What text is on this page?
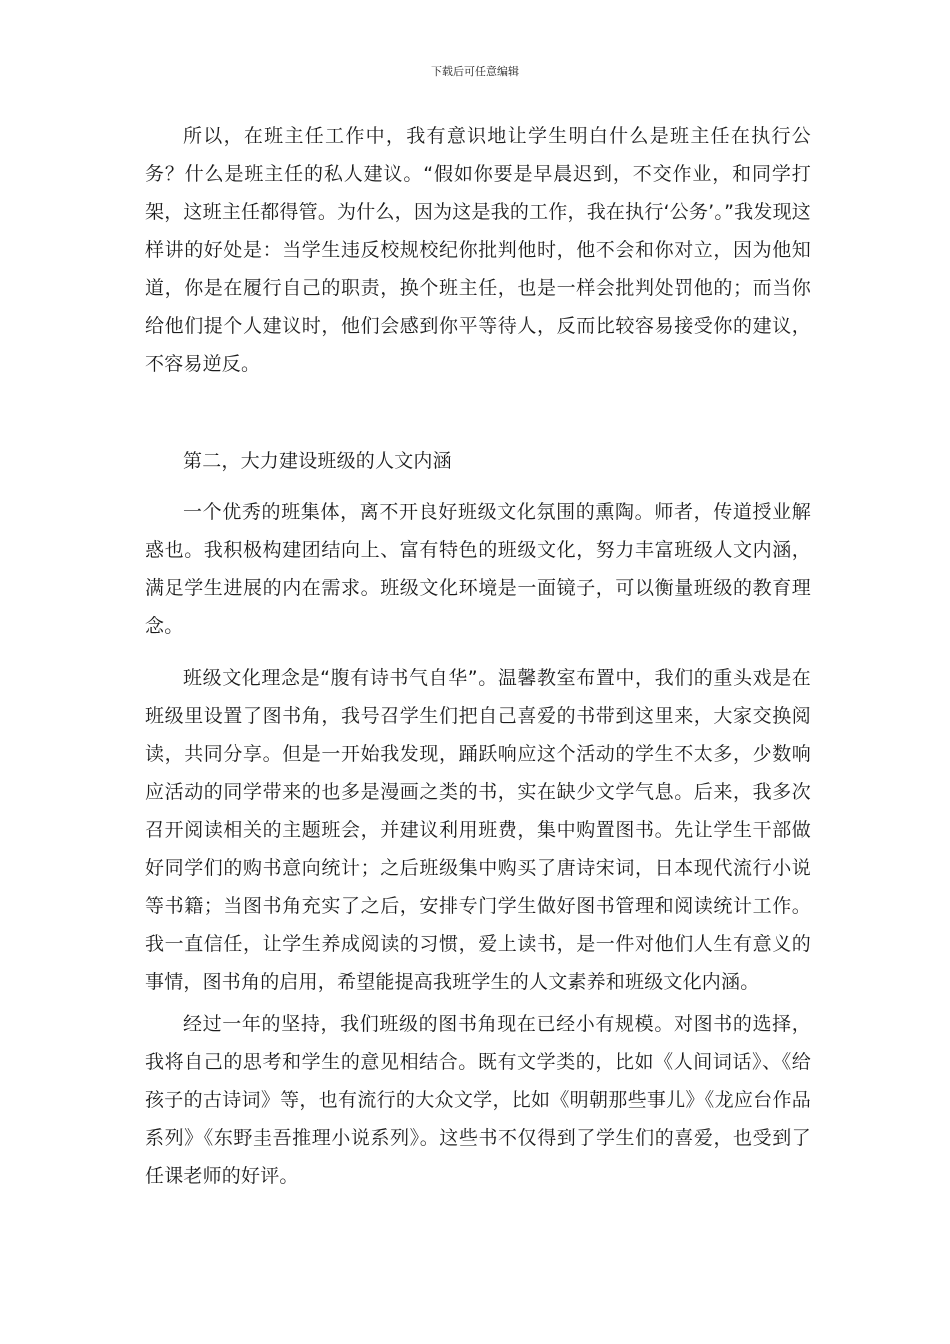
下载后可任意编辑

所以，在班主任工作中，我有意识地让学生明白什么是班主任在执行公务？什么是班主任的私人建议。“假如你要是早晨迟到，不交作业，和同学打架，这班主任都得管。为什么，因为这是我的工作，我在执行‘公务’。”我发现这样讲的好处是：当学生违反校规校纪你批判他时，他不会和你对立，因为他知道，你是在履行自己的职责，换个班主任，也是一样会批判处罚他的；而当你给他们提个人建议时，他们会感到你平等待人，反而比较容易接受你的建议，不容易逆反。

第二，大力建设班级的人文内涵

一个优秀的班集体，离不开良好班级文化氛围的熏陶。师者，传道授业解惑也。我积极构建团结向上、富有特色的班级文化，努力丰富班级人文内涵，满足学生进展的内在需求。班级文化环境是一面镜子，可以衡量班级的教育理念。

班级文化理念是“腹有诗书气自华”。温馨教室布置中，我们的重头戏是在班级里设置了图书角，我号召学生们把自己喜爱的书带到这里来，大家交换阅读，共同分享。但是一开始我发现，踊跃响应这个活动的学生不太多，少数响应活动的同学带来的也多是漫画之类的书，实在缺少文学气息。后来，我多次召开阅读相关的主题班会，并建议利用班费，集中购置图书。先让学生干部做好同学们的购书意向统计；之后班级集中购买了唐诗宋词，日本现代流行小说等书籍；当图书角充实了之后，安排专门学生做好图书管理和阅读统计工作。我一直信任，让学生养成阅读的习惯，爱上读书，是一件对他们人生有意义的事情，图书角的启用，希望能提高我班学生的人文素养和班级文化内涵。

经过一年的坚持，我们班级的图书角现在已经小有规模。对图书的选择，我将自己的思考和学生的意见相结合。既有文学类的，比如《人间词话》、《给孩子的古诗词》等，也有流行的大众文学，比如《明朝那些事儿》《龙应台作品系列》《东野圭吾推理小说系列》。这些书不仅得到了学生们的喜爱，也受到了任课老师的好评。
